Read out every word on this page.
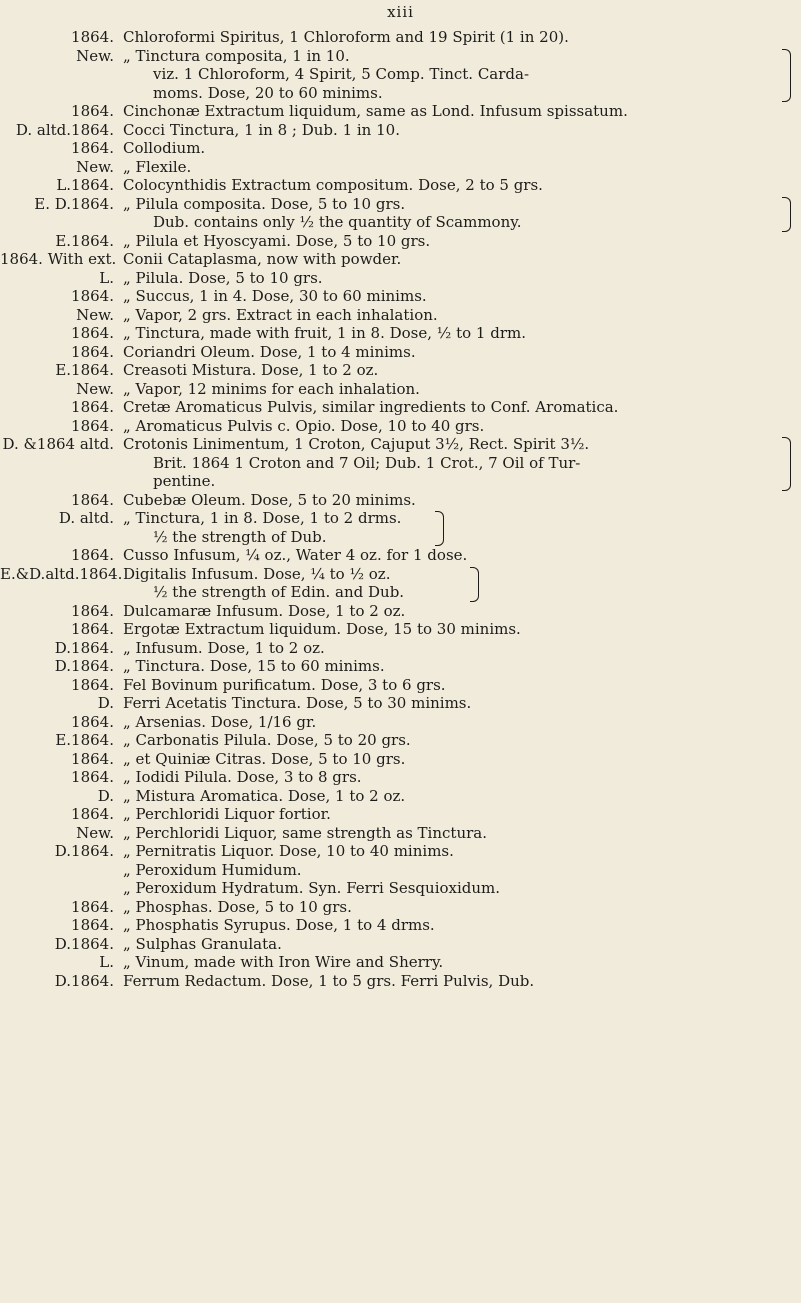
xiii
1864. Chloroformi Spiritus, 1 Chloroform and 19 Spirit (1 in 20).
New. „ Tinctura composita, 1 in 10.
viz. 1 Chloroform, 4 Spirit, 5 Comp. Tinct. Carda-
moms. Dose, 20 to 60 minims.
1864. Cinchonæ Extractum liquidum, same as Lond. Infusum spissatum.
D. altd.1864. Cocci Tinctura, 1 in 8 ; Dub. 1 in 10.
1864. Collodium.
New. „ Flexile.
L.1864. Colocynthidis Extractum compositum. Dose, 2 to 5 grs.
E. D.1864. „ Pilula composita. Dose, 5 to 10 grs.
Dub. contains only ½ the quantity of Scammony.
E.1864. „ Pilula et Hyoscyami. Dose, 5 to 10 grs.
1864. With ext. Conii Cataplasma, now with powder.
L. „ Pilula. Dose, 5 to 10 grs.
1864. „ Succus, 1 in 4. Dose, 30 to 60 minims.
New. „ Vapor, 2 grs. Extract in each inhalation.
1864. „ Tinctura, made with fruit, 1 in 8. Dose, ½ to 1 drm.
1864. Coriandri Oleum. Dose, 1 to 4 minims.
E.1864. Creasoti Mistura. Dose, 1 to 2 oz.
New. „ Vapor, 12 minims for each inhalation.
1864. Cretæ Aromaticus Pulvis, similar ingredients to Conf. Aromatica.
1864. „ Aromaticus Pulvis c. Opio. Dose, 10 to 40 grs.
D. &1864 altd. Crotonis Linimentum, 1 Croton, Cajuput 3½, Rect. Spirit 3½.
Brit. 1864 1 Croton and 7 Oil; Dub. 1 Crot., 7 Oil of Tur-
pentine.
1864. Cubebæ Oleum. Dose, 5 to 20 minims.
D. altd. „ Tinctura, 1 in 8. Dose, 1 to 2 drms.
½ the strength of Dub.
1864. Cusso Infusum, ¼ oz., Water 4 oz. for 1 dose.
E.&D.altd.1864. Digitalis Infusum. Dose, ¼ to ½ oz.
½ the strength of Edin. and Dub.
1864. Dulcamaræ Infusum. Dose, 1 to 2 oz.
1864. Ergotæ Extractum liquidum. Dose, 15 to 30 minims.
D.1864. „ Infusum. Dose, 1 to 2 oz.
D.1864. „ Tinctura. Dose, 15 to 60 minims.
1864. Fel Bovinum purificatum. Dose, 3 to 6 grs.
D. Ferri Acetatis Tinctura. Dose, 5 to 30 minims.
1864. „ Arsenias. Dose, 1/16 gr.
E.1864. „ Carbonatis Pilula. Dose, 5 to 20 grs.
1864. „ et Quiniæ Citras. Dose, 5 to 10 grs.
1864. „ Iodidi Pilula. Dose, 3 to 8 grs.
D. „ Mistura Aromatica. Dose, 1 to 2 oz.
1864. „ Perchloridi Liquor fortior.
New. „ Perchloridi Liquor, same strength as Tinctura.
D.1864. „ Pernitratis Liquor. Dose, 10 to 40 minims.
„ Peroxidum Humidum.
„ Peroxidum Hydratum. Syn. Ferri Sesquioxidum.
1864. „ Phosphas. Dose, 5 to 10 grs.
1864. „ Phosphatis Syrupus. Dose, 1 to 4 drms.
D.1864. „ Sulphas Granulata.
L. „ Vinum, made with Iron Wire and Sherry.
D.1864. Ferrum Redactum. Dose, 1 to 5 grs. Ferri Pulvis, Dub.
